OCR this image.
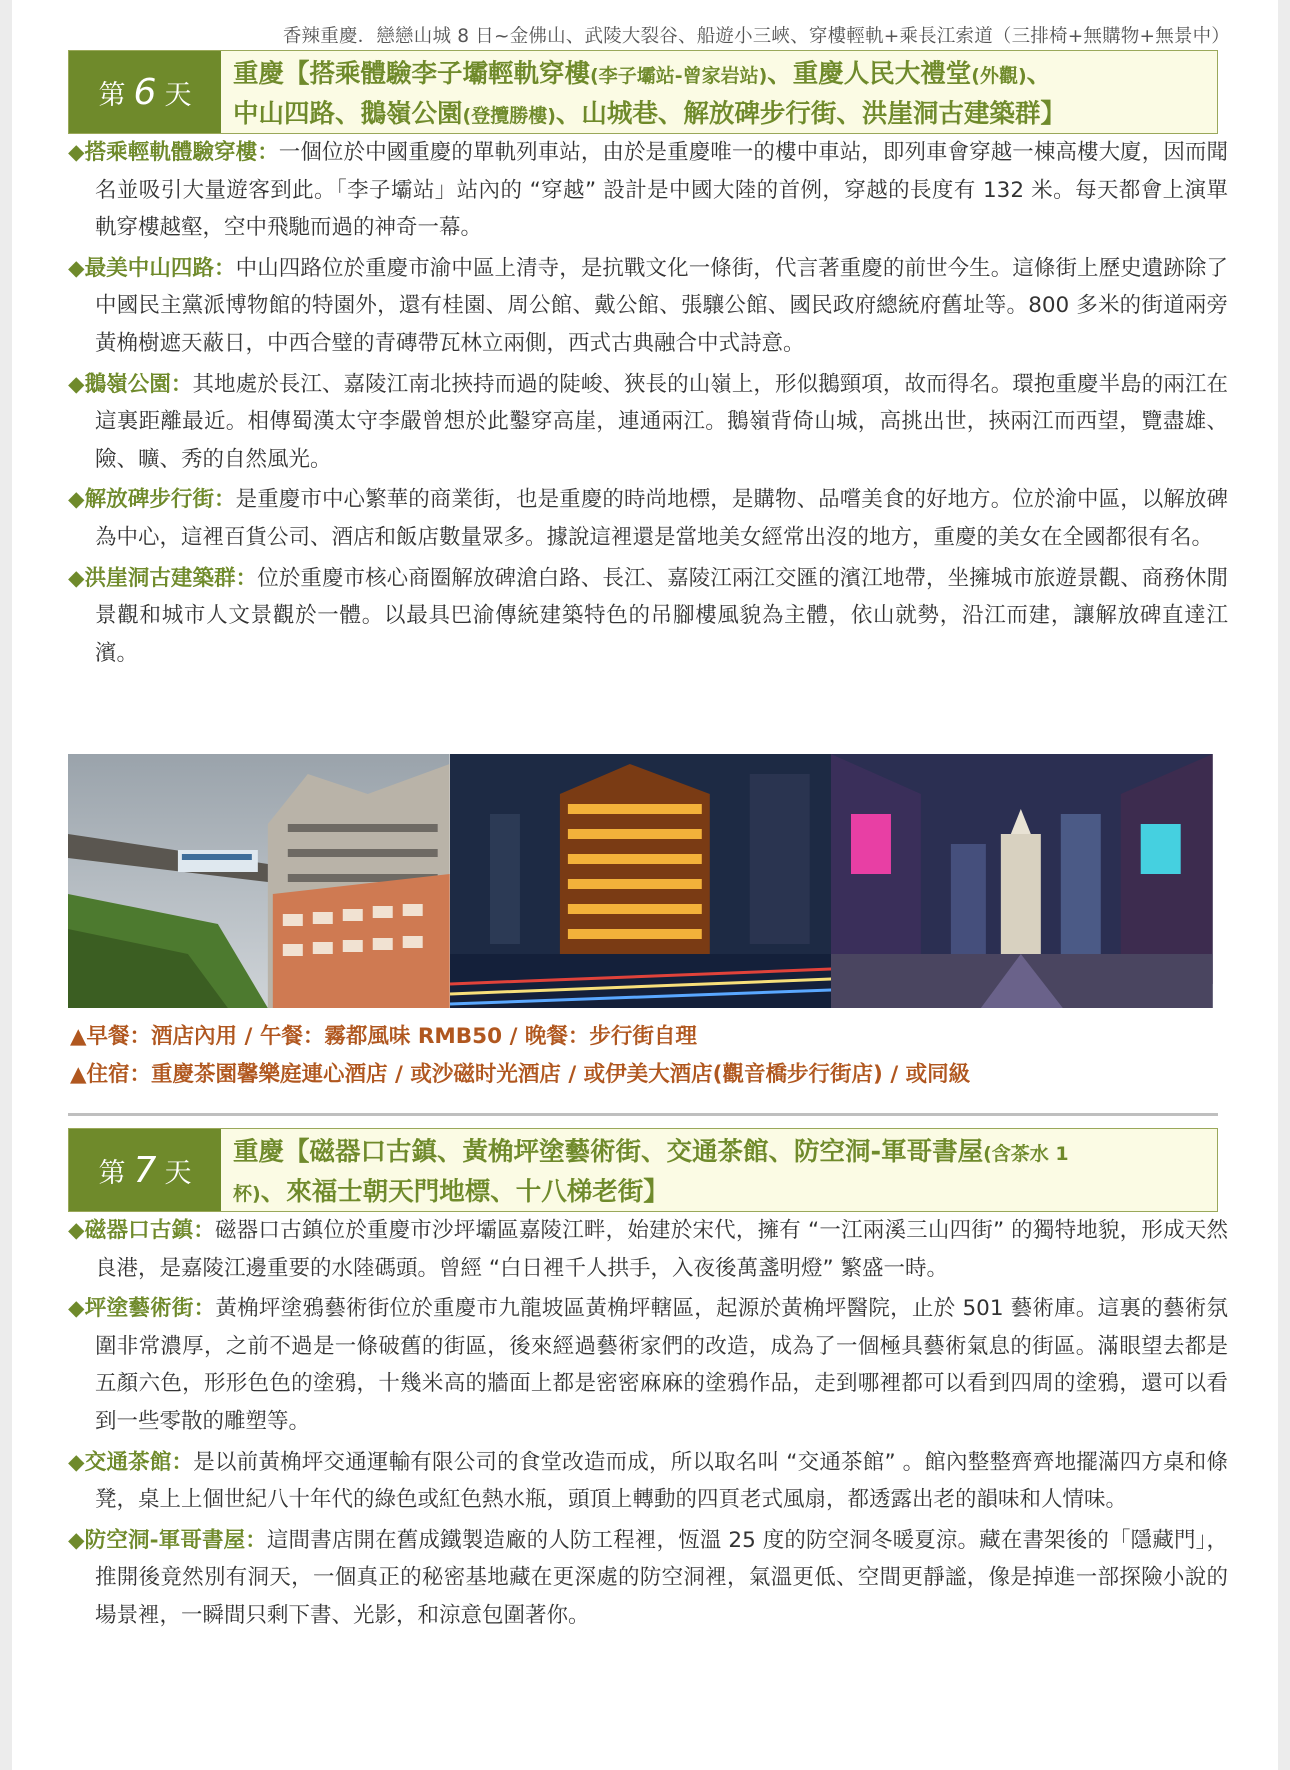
香辣重慶．戀戀山城 8 日~金佛山、武陵大裂谷、船遊小三峽、穿樓輕軌+乘長江索道（三排椅+無購物+無景中）
第 6 天
重慶【搭乘體驗李子壩輕軌穿樓(李子壩站-曾家岩站)、重慶人民大禮堂(外觀)、
中山四路、鵝嶺公園(登攬勝樓)、山城巷、解放碑步行街、洪崖洞古建築群】
◆搭乘輕軌體驗穿樓：一個位於中國重慶的單軌列車站，由於是重慶唯一的樓中車站，即列車會穿越一棟高樓大廈，因而聞名並吸引大量遊客到此。「李子壩站」站內的 “穿越” 設計是中國大陸的首例，穿越的長度有 132 米。每天都會上演單軌穿樓越壑，空中飛馳而過的神奇一幕。
◆最美中山四路：中山四路位於重慶市渝中區上清寺，是抗戰文化一條街，代言著重慶的前世今生。這條街上歷史遺跡除了中國民主黨派博物館的特園外，還有桂園、周公館、戴公館、張驤公館、國民政府總統府舊址等。800 多米的街道兩旁黃桷樹遮天蔽日，中西合璧的青磚帶瓦林立兩側，西式古典融合中式詩意。
◆鵝嶺公園：其地處於長江、嘉陵江南北挾持而過的陡峻、狹長的山嶺上，形似鵝頸項，故而得名。環抱重慶半島的兩江在這裏距離最近。相傳蜀漢太守李嚴曾想於此鑿穿高崖，連通兩江。鵝嶺背倚山城，高挑出世，挾兩江而西望，覽盡雄、險、曠、秀的自然風光。
◆解放碑步行街：是重慶市中心繁華的商業街，也是重慶的時尚地標，是購物、品嚐美食的好地方。位於渝中區，以解放碑為中心，這裡百貨公司、酒店和飯店數量眾多。據說這裡還是當地美女經常出沒的地方，重慶的美女在全國都很有名。
◆洪崖洞古建築群：位於重慶市核心商圈解放碑滄白路、長江、嘉陵江兩江交匯的濱江地帶，坐擁城市旅遊景觀、商務休閒景觀和城市人文景觀於一體。以最具巴渝傳統建築特色的吊腳樓風貌為主體，依山就勢，沿江而建，讓解放碑直達江濱。
▲早餐：酒店內用 / 午餐：霧都風味 RMB50 / 晚餐：步行街自理
▲住宿：重慶茶園馨樂庭連心酒店 / 或沙磁时光酒店 / 或伊美大酒店(觀音橋步行街店) / 或同級
第 7 天
重慶【磁器口古鎮、黃桷坪塗藝術街、交通茶館、防空洞-軍哥書屋(含茶水 1
杯)、來福士朝天門地標、十八梯老街】
◆磁器口古鎮：磁器口古鎮位於重慶市沙坪壩區嘉陵江畔，始建於宋代，擁有 “一江兩溪三山四街” 的獨特地貌，形成天然良港，是嘉陵江邊重要的水陸碼頭。曾經 “白日裡千人拱手，入夜後萬盞明燈” 繁盛一時。
◆坪塗藝術街：黃桷坪塗鴉藝術街位於重慶市九龍坡區黃桷坪轄區，起源於黃桷坪醫院，止於 501 藝術庫。這裏的藝術氛圍非常濃厚，之前不過是一條破舊的街區，後來經過藝術家們的改造，成為了一個極具藝術氣息的街區。滿眼望去都是五顏六色，形形色色的塗鴉，十幾米高的牆面上都是密密麻麻的塗鴉作品，走到哪裡都可以看到四周的塗鴉，還可以看到一些零散的雕塑等。
◆交通茶館：是以前黃桷坪交通運輸有限公司的食堂改造而成，所以取名叫 “交通茶館” 。館內整整齊齊地擺滿四方桌和條凳，桌上上個世紀八十年代的綠色或紅色熱水瓶，頭頂上轉動的四頁老式風扇，都透露出老的韻味和人情味。
◆防空洞-軍哥書屋：這間書店開在舊成鐵製造廠的人防工程裡，恆溫 25 度的防空洞冬暖夏涼。藏在書架後的「隱藏門」，推開後竟然別有洞天，一個真正的秘密基地藏在更深處的防空洞裡，氣溫更低、空間更靜謐，像是掉進一部探險小說的場景裡，一瞬間只剩下書、光影，和涼意包圍著你。
